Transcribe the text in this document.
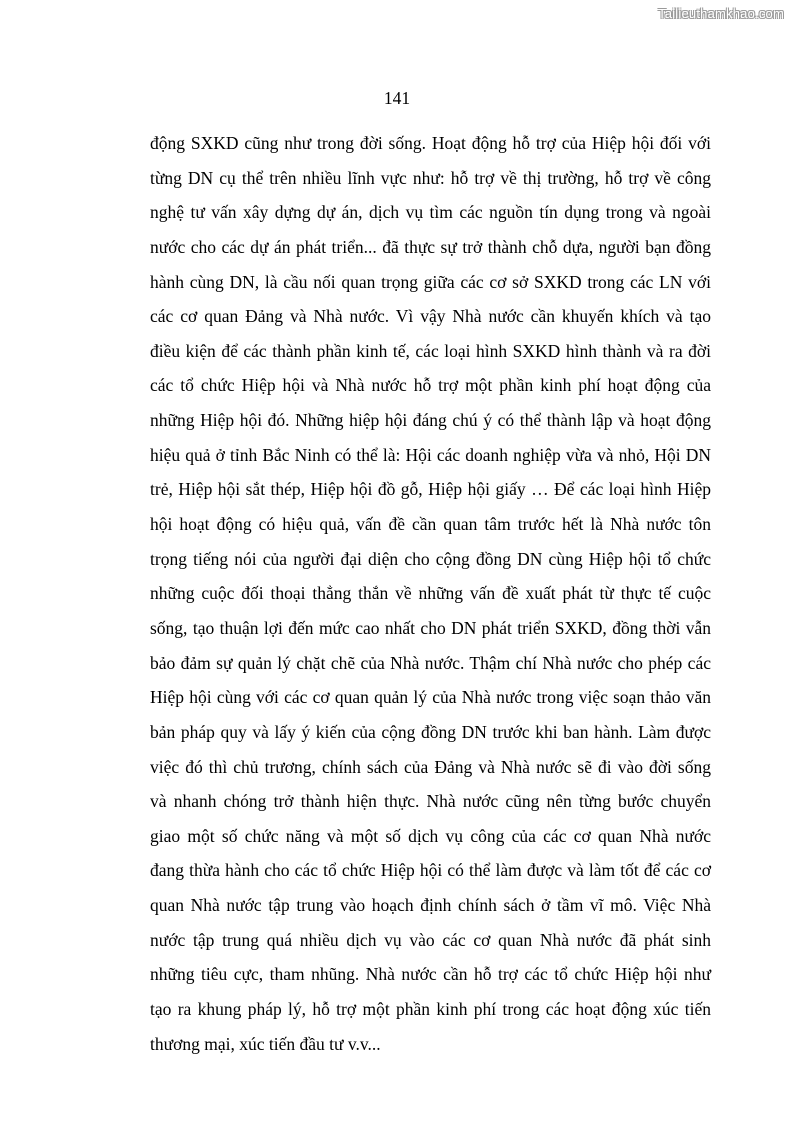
Tailieuthamkhao.com
141
động SXKD cũng như trong đời sống. Hoạt động hỗ trợ của Hiệp hội đối với
từng DN cụ thể trên nhiều lĩnh vực như: hỗ trợ về thị trường, hỗ trợ về công
nghệ tư vấn xây dựng dự án, dịch vụ tìm các nguồn tín dụng trong và ngoài
nước cho các dự án phát triển... đã thực sự trở thành chỗ dựa, người bạn đồng
hành cùng DN, là cầu nối quan trọng giữa các cơ sở SXKD trong các LN với
các cơ quan Đảng và Nhà nước. Vì vậy Nhà nước cần khuyến khích và tạo
điều kiện để các thành phần kinh tế, các loại hình SXKD hình thành và ra đời
các tổ chức Hiệp hội và Nhà nước hỗ trợ một phần kinh phí hoạt động của
những Hiệp hội đó. Những hiệp hội đáng chú ý có thể thành lập và hoạt động
hiệu quả ở tỉnh Bắc Ninh có thể là: Hội các doanh nghiệp vừa và nhỏ, Hội DN
trẻ, Hiệp hội sắt thép, Hiệp hội đồ gỗ, Hiệp hội giấy … Để các loại hình Hiệp
hội hoạt động có hiệu quả, vấn đề cần quan tâm trước hết là Nhà nước tôn
trọng tiếng nói của người đại diện cho cộng đồng DN cùng Hiệp hội tổ chức
những cuộc đối thoại thẳng thắn về những vấn đề xuất phát từ thực tế cuộc
sống, tạo thuận lợi đến mức cao nhất cho DN phát triển SXKD, đồng thời vẫn
bảo đảm sự quản lý chặt chẽ của Nhà nước. Thậm chí Nhà nước cho phép các
Hiệp hội cùng với các cơ quan quản lý của Nhà nước trong việc soạn thảo văn
bản pháp quy và lấy ý kiến của cộng đồng DN trước khi ban hành. Làm được
việc đó thì chủ trương, chính sách của Đảng và Nhà nước sẽ đi vào đời sống
và nhanh chóng trở thành hiện thực. Nhà nước cũng nên từng bước chuyển
giao một số chức năng và một số dịch vụ công của các cơ quan Nhà nước
đang thừa hành cho các tổ chức Hiệp hội có thể làm được và làm tốt để các cơ
quan Nhà nước tập trung vào hoạch định chính sách ở tầm vĩ mô. Việc Nhà
nước tập trung quá nhiều dịch vụ vào các cơ quan Nhà nước đã phát sinh
những tiêu cực, tham nhũng. Nhà nước cần hỗ trợ các tổ chức Hiệp hội như
tạo ra khung pháp lý, hỗ trợ một phần kinh phí trong các hoạt động xúc tiến
thương mại, xúc tiến đầu tư v.v...
